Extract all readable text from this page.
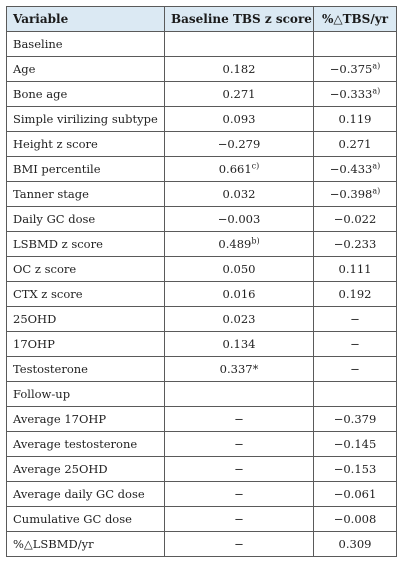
Variable	Baseline TBS z score	%△TBS/yr
Baseline		
Age	0.182	$-0.375^{a)}$
Bone age	0.271	$-0.333^{a)}$
Simple virilizing subtype	0.093	0.119
Height z score	−0.279	0.271
BMI percentile	$0.661^{c)}$	$-0.433^{a)}$
Tanner stage	0.032	$-0.398^{a)}$
Daily GC dose	−0.003	−0.022
LSBMD z score	$0.489^{b)}$	−0.233
OC z score	0.050	0.111
CTX z score	0.016	0.192
25OHD	0.023	−
17OHP	0.134	−
Testosterone	0.337*	−
Follow-up		
Average 17OHP	−	−0.379
Average testosterone	−	−0.145
Average 25OHD	−	−0.153
Average daily GC dose	−	−0.061
Cumulative GC dose	−	−0.008
%△LSBMD/yr	−	0.309
